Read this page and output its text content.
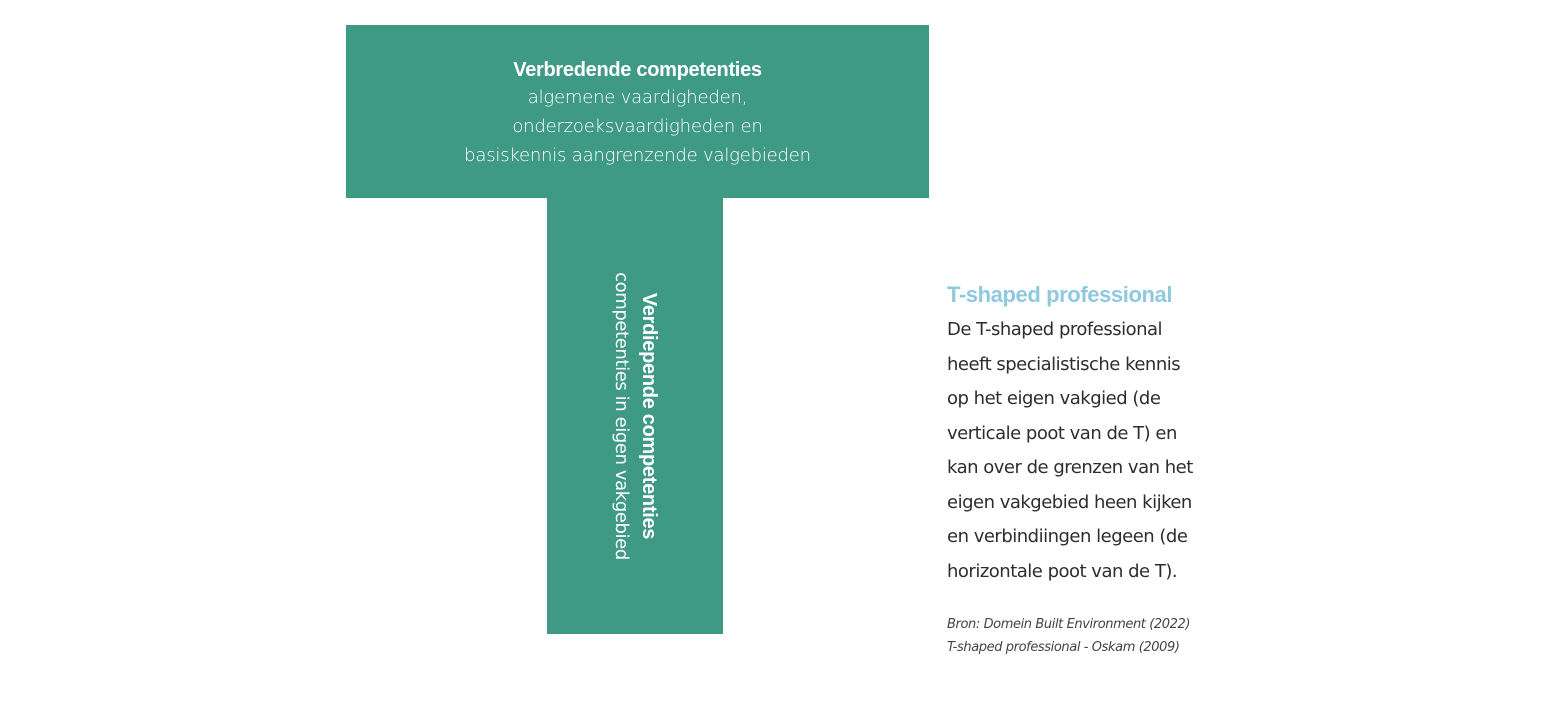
Verbredende competenties
algemene vaardigheden,
onderzoeksvaardigheden en
basiskennis aangrenzende valgebieden
Verdiepende competenties
competenties in eigen vakgebied	T-shaped professional
De T-shaped professional
heeft specialistische kennis
op het eigen vakgied (de
verticale poot van de T) en
kan over de grenzen van het
eigen vakgebied heen kijken
en verbindiingen legeen (de
horizontale poot van de T).
Bron: Domein Built Environment (2022)
T-shaped professional - Oskam (2009)
